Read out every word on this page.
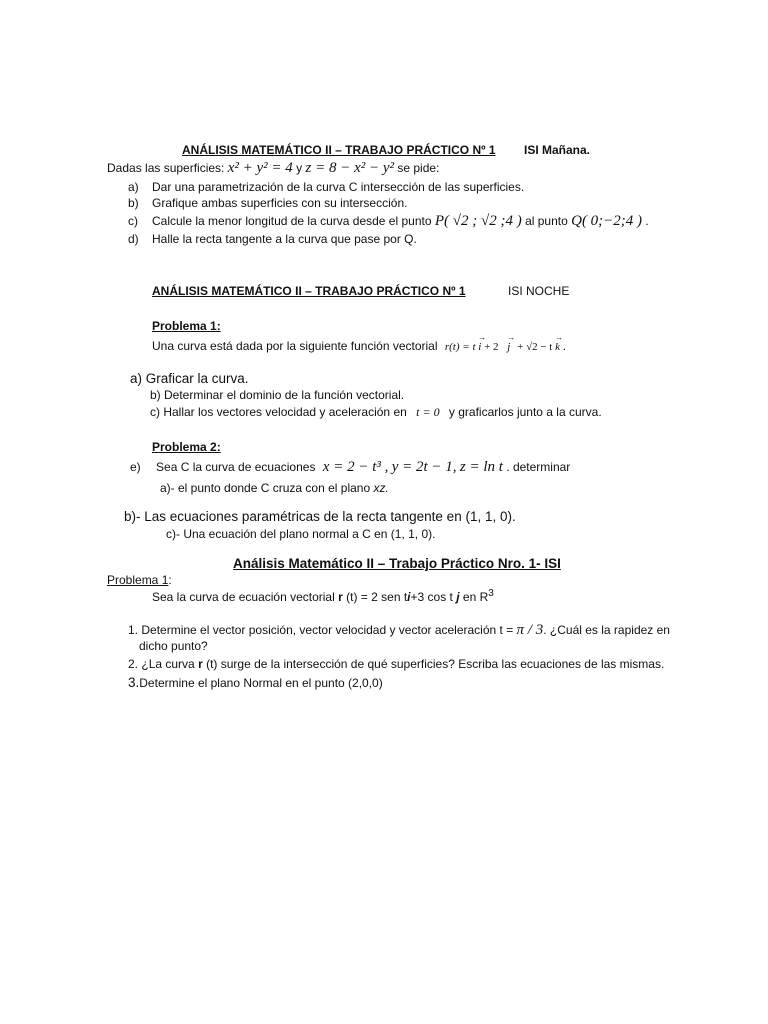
ANÁLISIS MATEMÁTICO II – TRABAJO PRÁCTICO Nº 1 ISI Mañana.
Dadas las superficies: x² + y² = 4 y z = 8 − x² − y² se pide:
a) Dar una parametrización de la curva C intersección de las superficies.
b) Grafique ambas superficies con su intersección.
c) Calcule la menor longitud de la curva desde el punto P( √2 ; √2 ;4 ) al punto Q( 0;−2;4 ) .
d) Halle la recta tangente a la curva que pase por Q.
ANÁLISIS MATEMÁTICO II – TRABAJO PRÁCTICO Nº 1	ISI NOCHE
Problema 1:
Una curva está dada por la siguiente función vectorial r(t) = t → i + 2 → j + √2 − t → k .
a) Graficar la curva.
b) Determinar el dominio de la función vectorial.
c) Hallar los vectores velocidad y aceleración en t = 0 y graficarlos junto a la curva.
Problema 2:
e) Sea C la curva de ecuaciones x = 2 − t³ , y = 2t − 1, z = ln t . determinar
a)- el punto donde C cruza con el plano xz.
b)- Las ecuaciones paramétricas de la recta tangente en (1, 1, 0).
c)- Una ecuación del plano normal a C en (1, 1, 0).
Análisis Matemático II – Trabajo Práctico Nro. 1- ISI
Problema 1:
Sea la curva de ecuación vectorial r (t) = 2 sen ti+3 cos t j en $R^3$
1. Determine el vector posición, vector velocidad y vector aceleración t = π / 3. ¿Cuál es la rapidez en
dicho punto?
2. ¿La curva r (t) surge de la intersección de qué superficies? Escriba las ecuaciones de las mismas.
3.Determine el plano Normal en el punto (2,0,0)
